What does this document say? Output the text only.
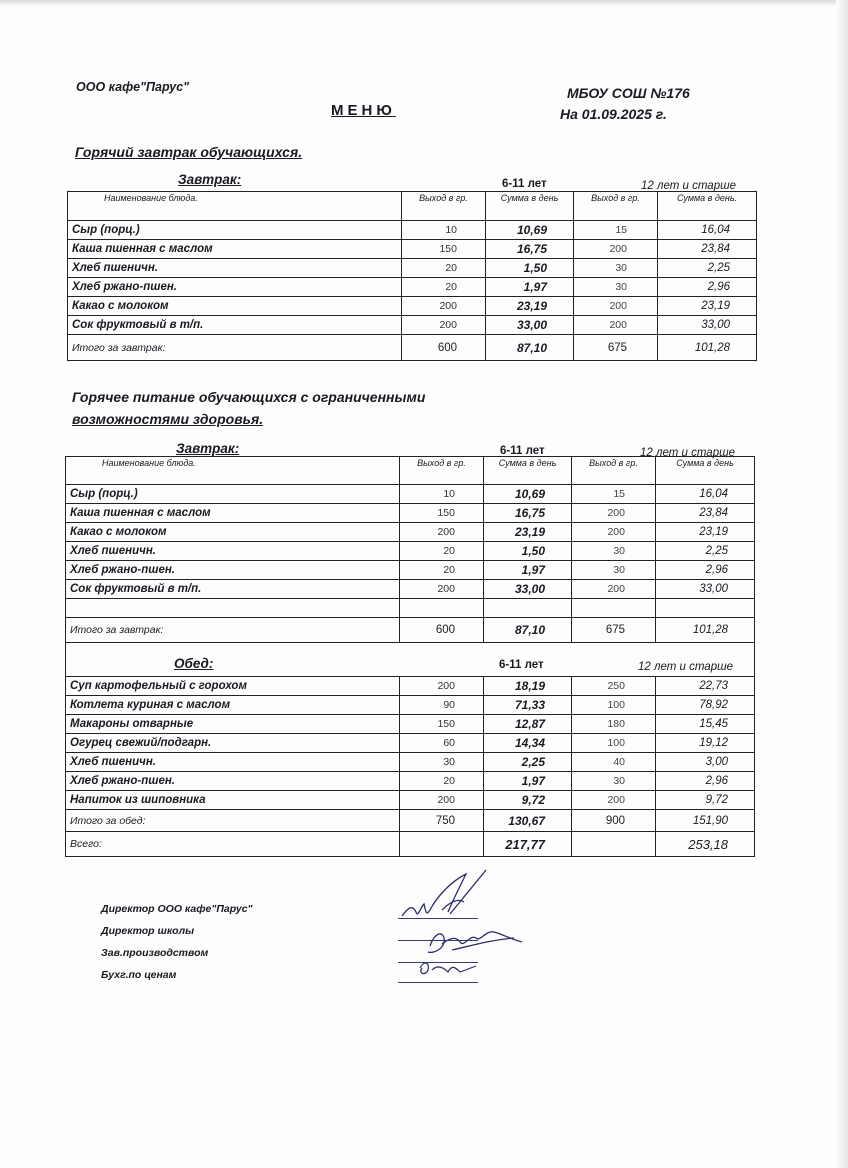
ООО кафе"Парус"	МБОУ СОШ №176
МЕНЮ	На 01.09.2025 г.
Горячий завтрак обучающихся.
Завтрак:	6-11 лет	12 лет и старше
Наименование блюда.	Выход в гр.	Сумма в день	Выход в гр.	Сумма в день.
Сыр (порц.)	10	10,69	15	16,04
Каша пшенная с маслом	150	16,75	200	23,84
Хлеб пшеничн.	20	1,50	30	2,25
Хлеб ржано-пшен.	20	1,97	30	2,96
Какао с молоком	200	23,19	200	23,19
Сок фруктовый в т/п.	200	33,00	200	33,00
Итого за завтрак:	600	87,10	675	101,28
Горячее питание обучающихся с ограниченными
возможностями здоровья.
Завтрак:	6-11 лет	12 лет и старше
Наименование блюда.	Выход в гр.	Сумма в день	Выход в гр.	Сумма в день
Сыр (порц.)	10	10,69	15	16,04
Каша пшенная с маслом	150	16,75	200	23,84
Какао с молоком	200	23,19	200	23,19
Хлеб пшеничн.	20	1,50	30	2,25
Хлеб ржано-пшен.	20	1,97	30	2,96
Сок фруктовый в т/п.	200	33,00	200	33,00

Итого за завтрак:	600	87,10	675	101,28

Обед: 6-11 лет 12 лет и старше				

Суп картофельный с горохом	200	18,19	250	22,73
Котлета куриная с маслом	90	71,33	100	78,92
Макароны отварные	150	12,87	180	15,45
Огурец свежий/подгарн.	60	14,34	100	19,12
Хлеб пшеничн.	30	2,25	40	3,00
Хлеб ржано-пшен.	20	1,97	30	2,96
Напиток из шиповника	200	9,72	200	9,72
Итого за обед:	750	130,67	900	151,90
Всего:		217,77		253,18
Директор ООО кафе"Парус"
Директор школы
Зав.производством
Бухг.по ценам
